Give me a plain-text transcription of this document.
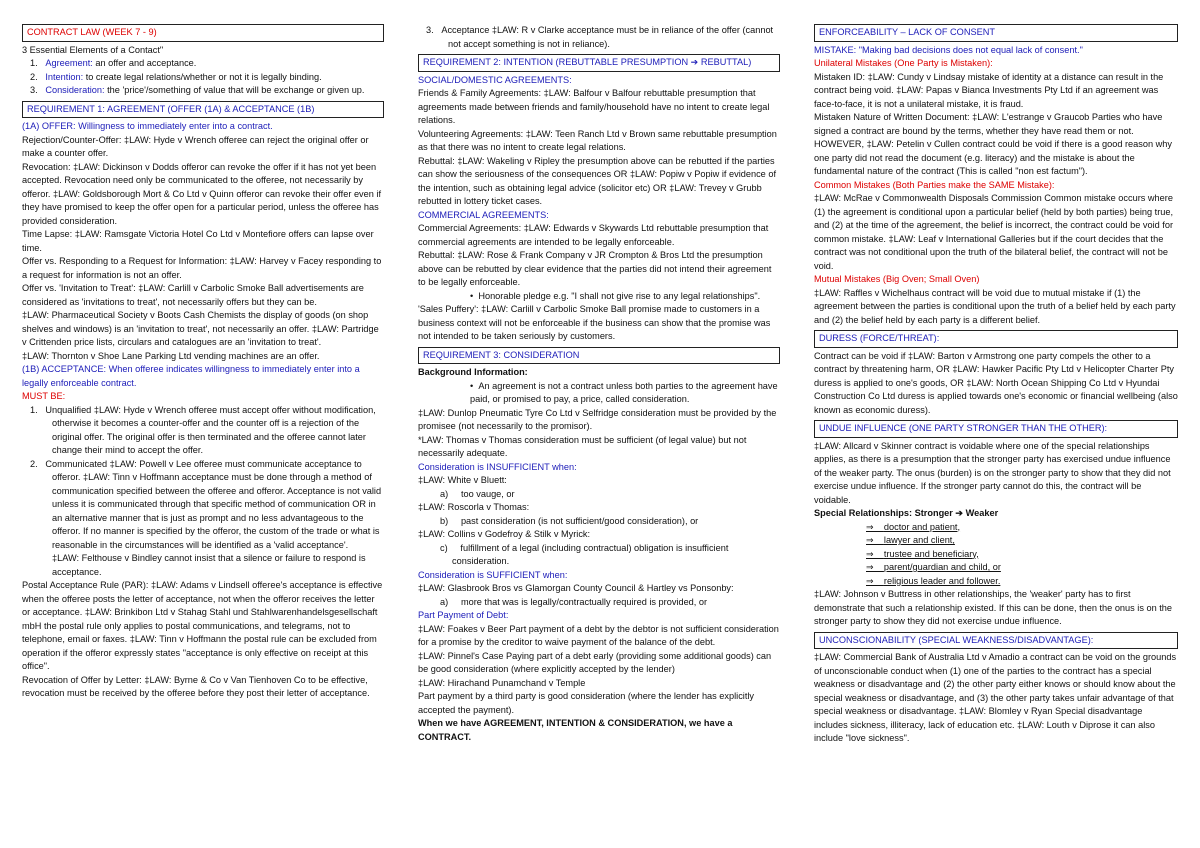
CONTRACT LAW (WEEK 7 - 9)

3 Essential Elements of a Contact"

1.   Agreement: an offer and acceptance.

2.   Intention: to create legal relations/whether or not it is legally binding.

3.   Consideration: the 'price'/something of value that will be exchange or given up.

REQUIREMENT 1: AGREEMENT (OFFER (1A) & ACCEPTANCE (1B)

(1A) OFFER: Willingness to immediately enter into a contract.

Rejection/Counter-Offer: ‡LAW: Hyde v Wrench offeree can reject the original offer or make a counter offer.

Revocation: ‡LAW: Dickinson v Dodds offeror can revoke the offer if it has not yet been accepted. Revocation need only be communicated to the offeree, not necessarily by offeror. ‡LAW: Goldsborough Mort & Co Ltd v Quinn offeror can revoke their offer even if they have promised to keep the offer open for a particular period, unless the offeree has provided consideration.

Time Lapse: ‡LAW: Ramsgate Victoria Hotel Co Ltd v Montefiore offers can lapse over time.

Offer vs. Responding to a Request for Information: ‡LAW: Harvey v Facey responding to a request for information is not an offer.

Offer vs. 'Invitation to Treat': ‡LAW: Carlill v Carbolic Smoke Ball advertisements are considered as 'invitations to treat', not necessarily offers but they can be.

‡LAW: Pharmaceutical Society v Boots Cash Chemists the display of goods (on shop shelves and windows) is an 'invitation to treat', not necessarily an offer. ‡LAW: Partridge v Crittenden price lists, circulars and catalogues are an 'invitation to treat'.

‡LAW: Thornton v Shoe Lane Parking Ltd vending machines are an offer.

(1B) ACCEPTANCE: When offeree indicates willingness to immediately enter into a legally enforceable contract.

MUST BE:

1.   Unqualified ‡LAW: Hyde v Wrench offeree must accept offer without modification, otherwise it becomes a counter-offer and the counter off is a rejection of the original offer. The original offer is then terminated and the offeree cannot later change their mind to accept the offer.

2.   Communicated ‡LAW: Powell v Lee offeree must communicate acceptance to offeror. ‡LAW: Tinn v Hoffmann acceptance must be done through a method of communication specified between the offeree and offeror. Acceptance is not valid unless it is communicated through that specific method of communication OR in an alternative manner that is just as prompt and no less advantageous to the offeror. If no manner is specified by the offeror, the custom of the trade or what is reasonable in the circumstances will be identified as a 'valid acceptance'.

‡LAW: Felthouse v Bindley cannot insist that a silence or failure to respond is acceptance.

Postal Acceptance Rule (PAR): ‡LAW: Adams v Lindsell offeree's acceptance is effective when the offeree posts the letter of acceptance, not when the offeror receives the letter or acceptance. ‡LAW: Brinkibon Ltd v Stahag Stahl und Stahlwarenhandelsgesellschaft mbH the postal rule only applies to postal communications, and telegrams, not to telephone, email or faxes. ‡LAW: Tinn v Hoffmann the postal rule can be excluded from operation if the offeror expressly states "acceptance is only effective on receipt at this office".

Revocation of Offer by Letter: ‡LAW: Byrne & Co v Van Tienhoven Co to be effective, revocation must be received by the offeree before they post their letter of acceptance.

3.   Acceptance ‡LAW: R v Clarke acceptance must be in reliance of the offer (cannot not accept something is not in reliance).

REQUIREMENT 2: INTENTION (REBUTTABLE PRESUMPTION ➔ REBUTTAL)

SOCIAL/DOMESTIC AGREEMENTS:

Friends & Family Agreements: ‡LAW: Balfour v Balfour rebuttable presumption that agreements made between friends and family/household have no intent to create legal relations.

Volunteering Agreements: ‡LAW: Teen Ranch Ltd v Brown same rebuttable presumption as that there was no intent to create legal relations.

Rebuttal: ‡LAW: Wakeling v Ripley the presumption above can be rebutted if the parties can show the seriousness of the consequences OR ‡LAW: Popiw v Popiw if evidence of the intention, such as obtaining legal advice (solicitor etc) OR ‡LAW: Trevey v Grubb rebutted in lottery ticket cases.

COMMERCIAL AGREEMENTS:

Commercial Agreements: ‡LAW: Edwards v Skywards Ltd rebuttable presumption that commercial agreements are intended to be legally enforceable.

Rebuttal: ‡LAW: Rose & Frank Company v JR Crompton & Bros Ltd the presumption above can be rebutted by clear evidence that the parties did not intend their agreement to be legally enforceable.

•  Honorable pledge e.g. "I shall not give rise to any legal relationships".

'Sales Puffery': ‡LAW: Carlill v Carbolic Smoke Ball promise made to customers in a business context will not be enforceable if the business can show that the promise was not intended to be taken seriously by customers.

REQUIREMENT 3: CONSIDERATION

Background Information:

•  An agreement is not a contract unless both parties to the agreement have paid, or promised to pay, a price, called consideration.

‡LAW: Dunlop Pneumatic Tyre Co Ltd v Selfridge consideration must be provided by the promisee (not necessarily to the promisor).

*LAW: Thomas v Thomas consideration must be sufficient (of legal value) but not necessarily adequate.

Consideration is INSUFFICIENT when:

‡LAW: White v Bluett:

a)     too vauge, or

‡LAW: Roscorla v Thomas:

b)     past consideration (is not sufficient/good consideration), or

‡LAW: Collins v Godefroy & Stilk v Myrick:

c)     fulfillment of a legal (including contractual) obligation is insufficient consideration.

Consideration is SUFFICIENT when:

‡LAW: Glasbrook Bros vs Glamorgan County Council & Hartley vs Ponsonby:

a)     more that was is legally/contractually required is provided, or

Part Payment of Debt:

‡LAW: Foakes v Beer Part payment of a debt by the debtor is not sufficient consideration for a promise by the creditor to waive payment of the balance of the debt.

‡LAW: Pinnel's Case Paying part of a debt early (providing some additional goods) can be good consideration (where explicitly accepted by the lender)

‡LAW: Hirachand Punamchand v Temple

Part payment by a third party is good consideration (where the lender has explicitly accepted the payment).

When we have AGREEMENT, INTENTION & CONSIDERATION, we have a CONTRACT.

ENFORCEABILITY – LACK OF CONSENT

MISTAKE: "Making bad decisions does not equal lack of consent."

Unilateral Mistakes (One Party is Mistaken):

Mistaken ID: ‡LAW: Cundy v Lindsay mistake of identity at a distance can result in the contract being void. ‡LAW: Papas v Bianca Investments Pty Ltd if an agreement was face-to-face, it is not a unilateral mistake, it is fraud.

Mistaken Nature of Written Document: ‡LAW: L'estrange v Graucob Parties who have signed a contract are bound by the terms, whether they have read them or not. HOWEVER, ‡LAW: Petelin v Cullen contract could be void if there is a good reason why one party did not read the document (e.g. literacy) and the mistake is about the fundamental nature of the contract (This is called "non est factum").

Common Mistakes (Both Parties make the SAME Mistake):

‡LAW: McRae v Commonwealth Disposals Commission Common mistake occurs where (1) the agreement is conditional upon a particular belief (held by both parties) being true, and (2) at the time of the agreement, the belief is incorrect, the contract could be void for common mistake. ‡LAW: Leaf v International Galleries but if the court decides that the contract was not conditional upon the truth of the bilateral belief, the contract will not be void.

Mutual Mistakes (Big Oven; Small Oven)

‡LAW: Raffles v Wichelhaus contract will be void due to mutual mistake if (1) the agreement between the parties is conditional upon the truth of a belief held by each party and (2) the belief held by each party is a different belief.

DURESS (FORCE/THREAT):

Contract can be void if ‡LAW: Barton v Armstrong one party compels the other to a contract by threatening harm, OR ‡LAW: Hawker Pacific Pty Ltd v Helicopter Charter Pty duress is applied to one's goods, OR ‡LAW: North Ocean Shipping Co Ltd v Hyundai Construction Co Ltd duress is applied towards one's economic or financial wellbeing (also known as economic duress).

UNDUE INFLUENCE (ONE PARTY STRONGER THAN THE OTHER):

‡LAW: Allcard v Skinner contract is voidable where one of the special relationships applies, as there is a presumption that the stronger party has exercised undue influence of the weaker party. The onus (burden) is on the stronger party to show that they did not exercise undue influence. If the stronger party cannot do this, the contract will be voidable.

Special Relationships: Stronger ➔ Weaker

⇒    doctor and patient,

⇒    lawyer and client,

⇒    trustee and beneficiary,

⇒    parent/guardian and child, or

⇒    religious leader and follower.

‡LAW: Johnson v Buttress in other relationships, the 'weaker' party has to first demonstrate that such a relationship existed. If this can be done, then the onus is on the stronger party to show they did not exercise undue influence.

UNCONSCIONABILITY (SPECIAL WEAKNESS/DISADVANTAGE):

‡LAW: Commercial Bank of Australia Ltd v Amadio a contract can be void on the grounds of unconscionable conduct when (1) one of the parties to the contract has a special weakness or disadvantage and (2) the other party either knows or should know about the special weakness or disadvantage, and (3) the other party takes unfair advantage of that special weakness or disadvantage. ‡LAW: Blomley v Ryan Special disadvantage includes sickness, illiteracy, lack of education etc. ‡LAW: Louth v Diprose it can also include "love sickness".
